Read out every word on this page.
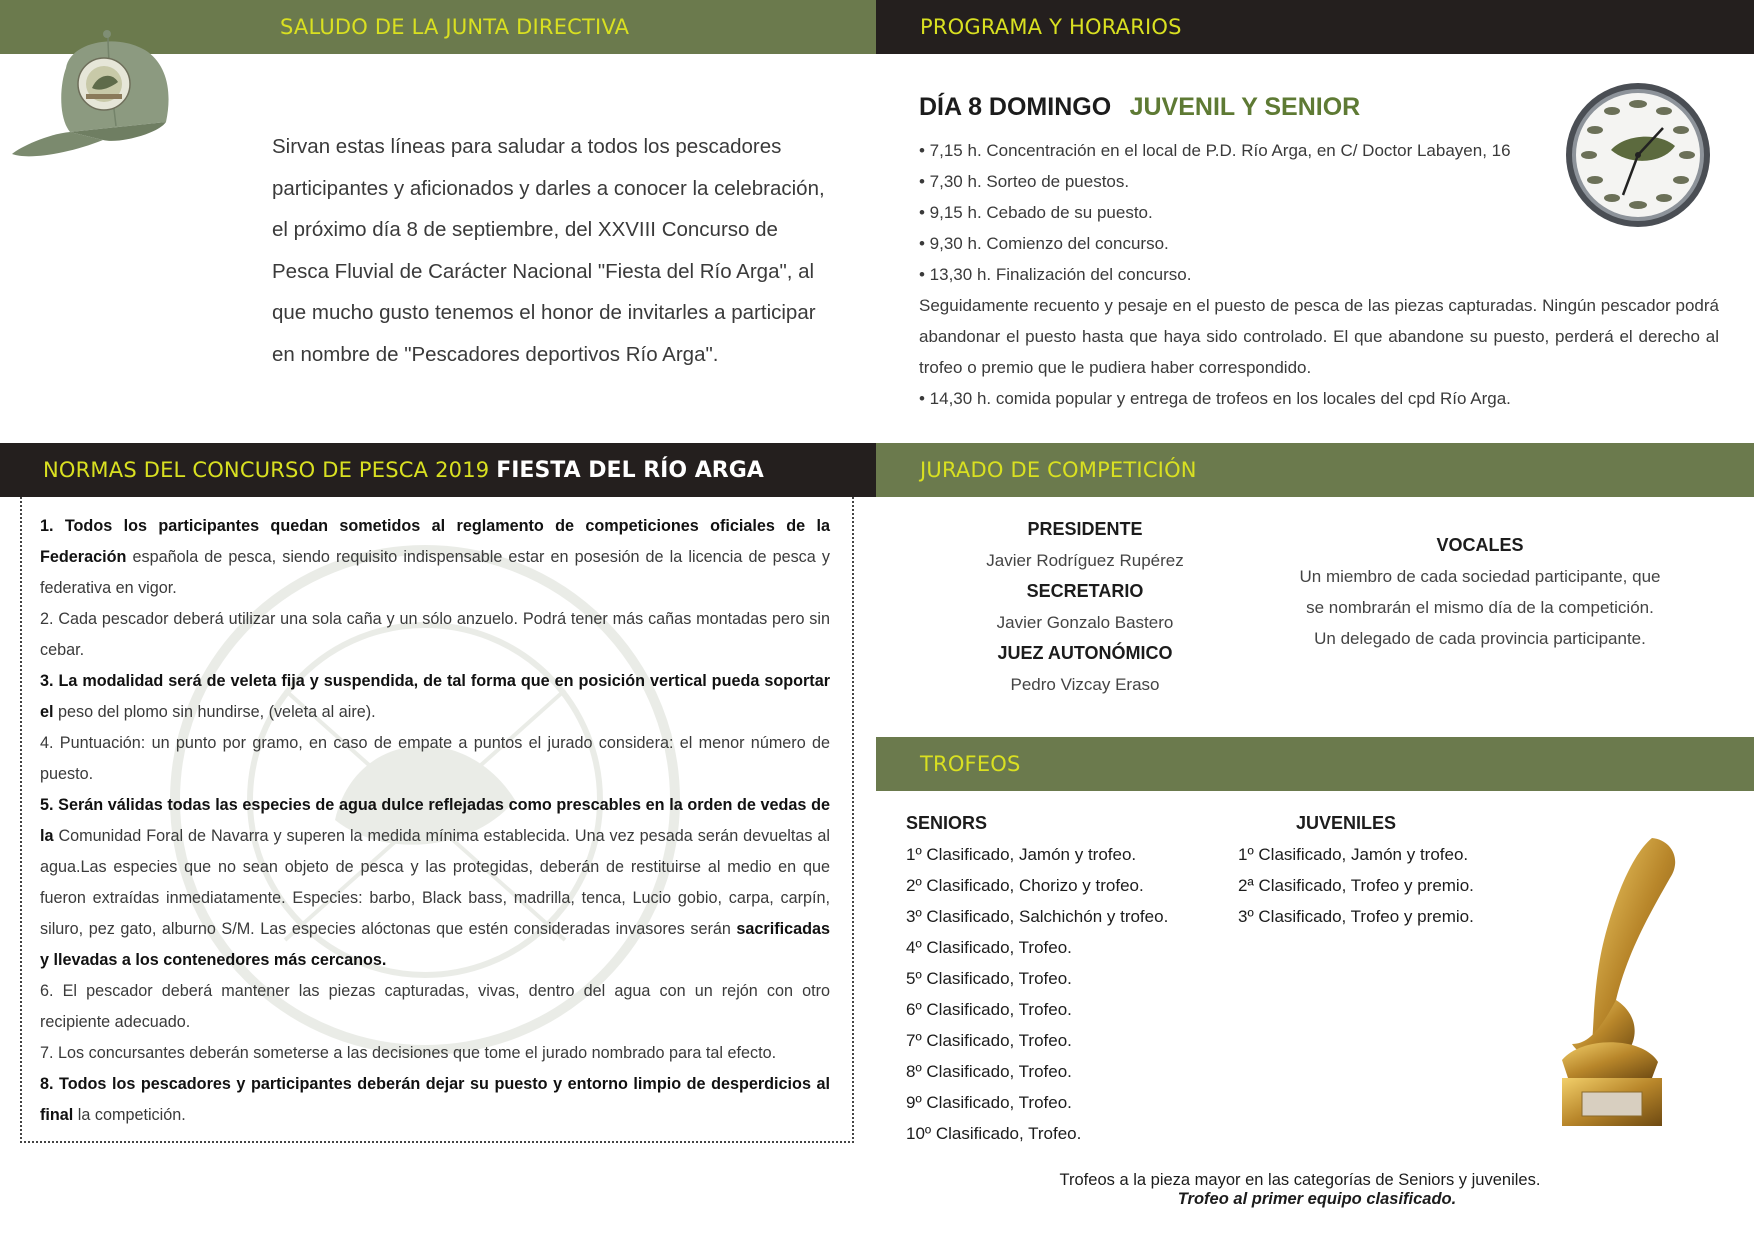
SALUDO DE LA JUNTA DIRECTIVA	PROGRAMA Y HORARIOS
NORMAS DEL CONCURSO DE PESCA 2019 FIESTA DEL RÍO ARGA	JURADO DE COMPETICIÓN
TROFEOS
Sirvan estas líneas para saludar a todos los pescadores participantes y aficionados y darles a conocer la celebración, el próximo día 8 de septiembre, del XXVIII Concurso de Pesca Fluvial de Carácter Nacional "Fiesta del Río Arga", al que mucho gusto tenemos el honor de invitarles a participar en nombre de "Pescadores deportivos Río Arga".
DÍA 8 DOMINGO JUVENIL Y SENIOR
• 7,15 h. Concentración en el local de P.D. Río Arga, en C/ Doctor Labayen, 16
• 7,30 h. Sorteo de puestos.
• 9,15 h. Cebado de su puesto.
• 9,30 h. Comienzo del concurso.
• 13,30 h. Finalización del concurso.
Seguidamente recuento y pesaje en el puesto de pesca de las piezas capturadas. Ningún pescador podrá abandonar el puesto hasta que haya sido controlado. El que abandone su puesto, perderá el derecho al trofeo o premio que le pudiera haber correspondido.
• 14,30 h. comida popular y entrega de trofeos en los locales del cpd Río Arga.
1. Todos los participantes quedan sometidos al reglamento de competiciones oficiales de la Federación española de pesca, siendo requisito indispensable estar en posesión de la licencia de pesca y federativa en vigor.
2. Cada pescador deberá utilizar una sola caña y un sólo anzuelo. Podrá tener más cañas montadas pero sin cebar.
3. La modalidad será de veleta fija y suspendida, de tal forma que en posición vertical pueda soportar el peso del plomo sin hundirse, (veleta al aire).
4. Puntuación: un punto por gramo, en caso de empate a puntos el jurado considera: el menor número de puesto.
5. Serán válidas todas las especies de agua dulce reflejadas como prescables en la orden de vedas de la Comunidad Foral de Navarra y superen la medida mínima establecida. Una vez pesada serán devueltas al agua.Las especies que no sean objeto de pesca y las protegidas, deberán de restituirse al medio en que fueron extraídas inmediatamente. Especies: barbo, Black bass, madrilla, tenca, Lucio gobio, carpa, carpín, siluro, pez gato, alburno S/M. Las especies alóctonas que estén consideradas invasores serán sacrificadas y llevadas a los contenedores más cercanos.
6. El pescador deberá mantener las piezas capturadas, vivas, dentro del agua con un rejón con otro recipiente adecuado.
7. Los concursantes deberán someterse a las decisiones que tome el jurado nombrado para tal efecto.
8. Todos los pescadores y participantes deberán dejar su puesto y entorno limpio de desperdicios al final la competición.
PRESIDENTE
Javier Rodríguez Rupérez
SECRETARIO
Javier Gonzalo Bastero
JUEZ AUTONÓMICO
Pedro Vizcay Eraso
VOCALES
Un miembro de cada sociedad participante, que
se nombrarán el mismo día de la competición.
Un delegado de cada provincia participante.
SENIORS
1º Clasificado, Jamón y trofeo.
2º Clasificado, Chorizo y trofeo.
3º Clasificado, Salchichón y trofeo.
4º Clasificado, Trofeo.
5º Clasificado, Trofeo.
6º Clasificado, Trofeo.
7º Clasificado, Trofeo.
8º Clasificado, Trofeo.
9º Clasificado, Trofeo.
10º Clasificado, Trofeo.
JUVENILES
1º Clasificado, Jamón y trofeo.
2ª Clasificado, Trofeo y premio.
3º Clasificado, Trofeo y premio.
Trofeos a la pieza mayor en las categorías de Seniors y juveniles.
Trofeo al primer equipo clasificado.
